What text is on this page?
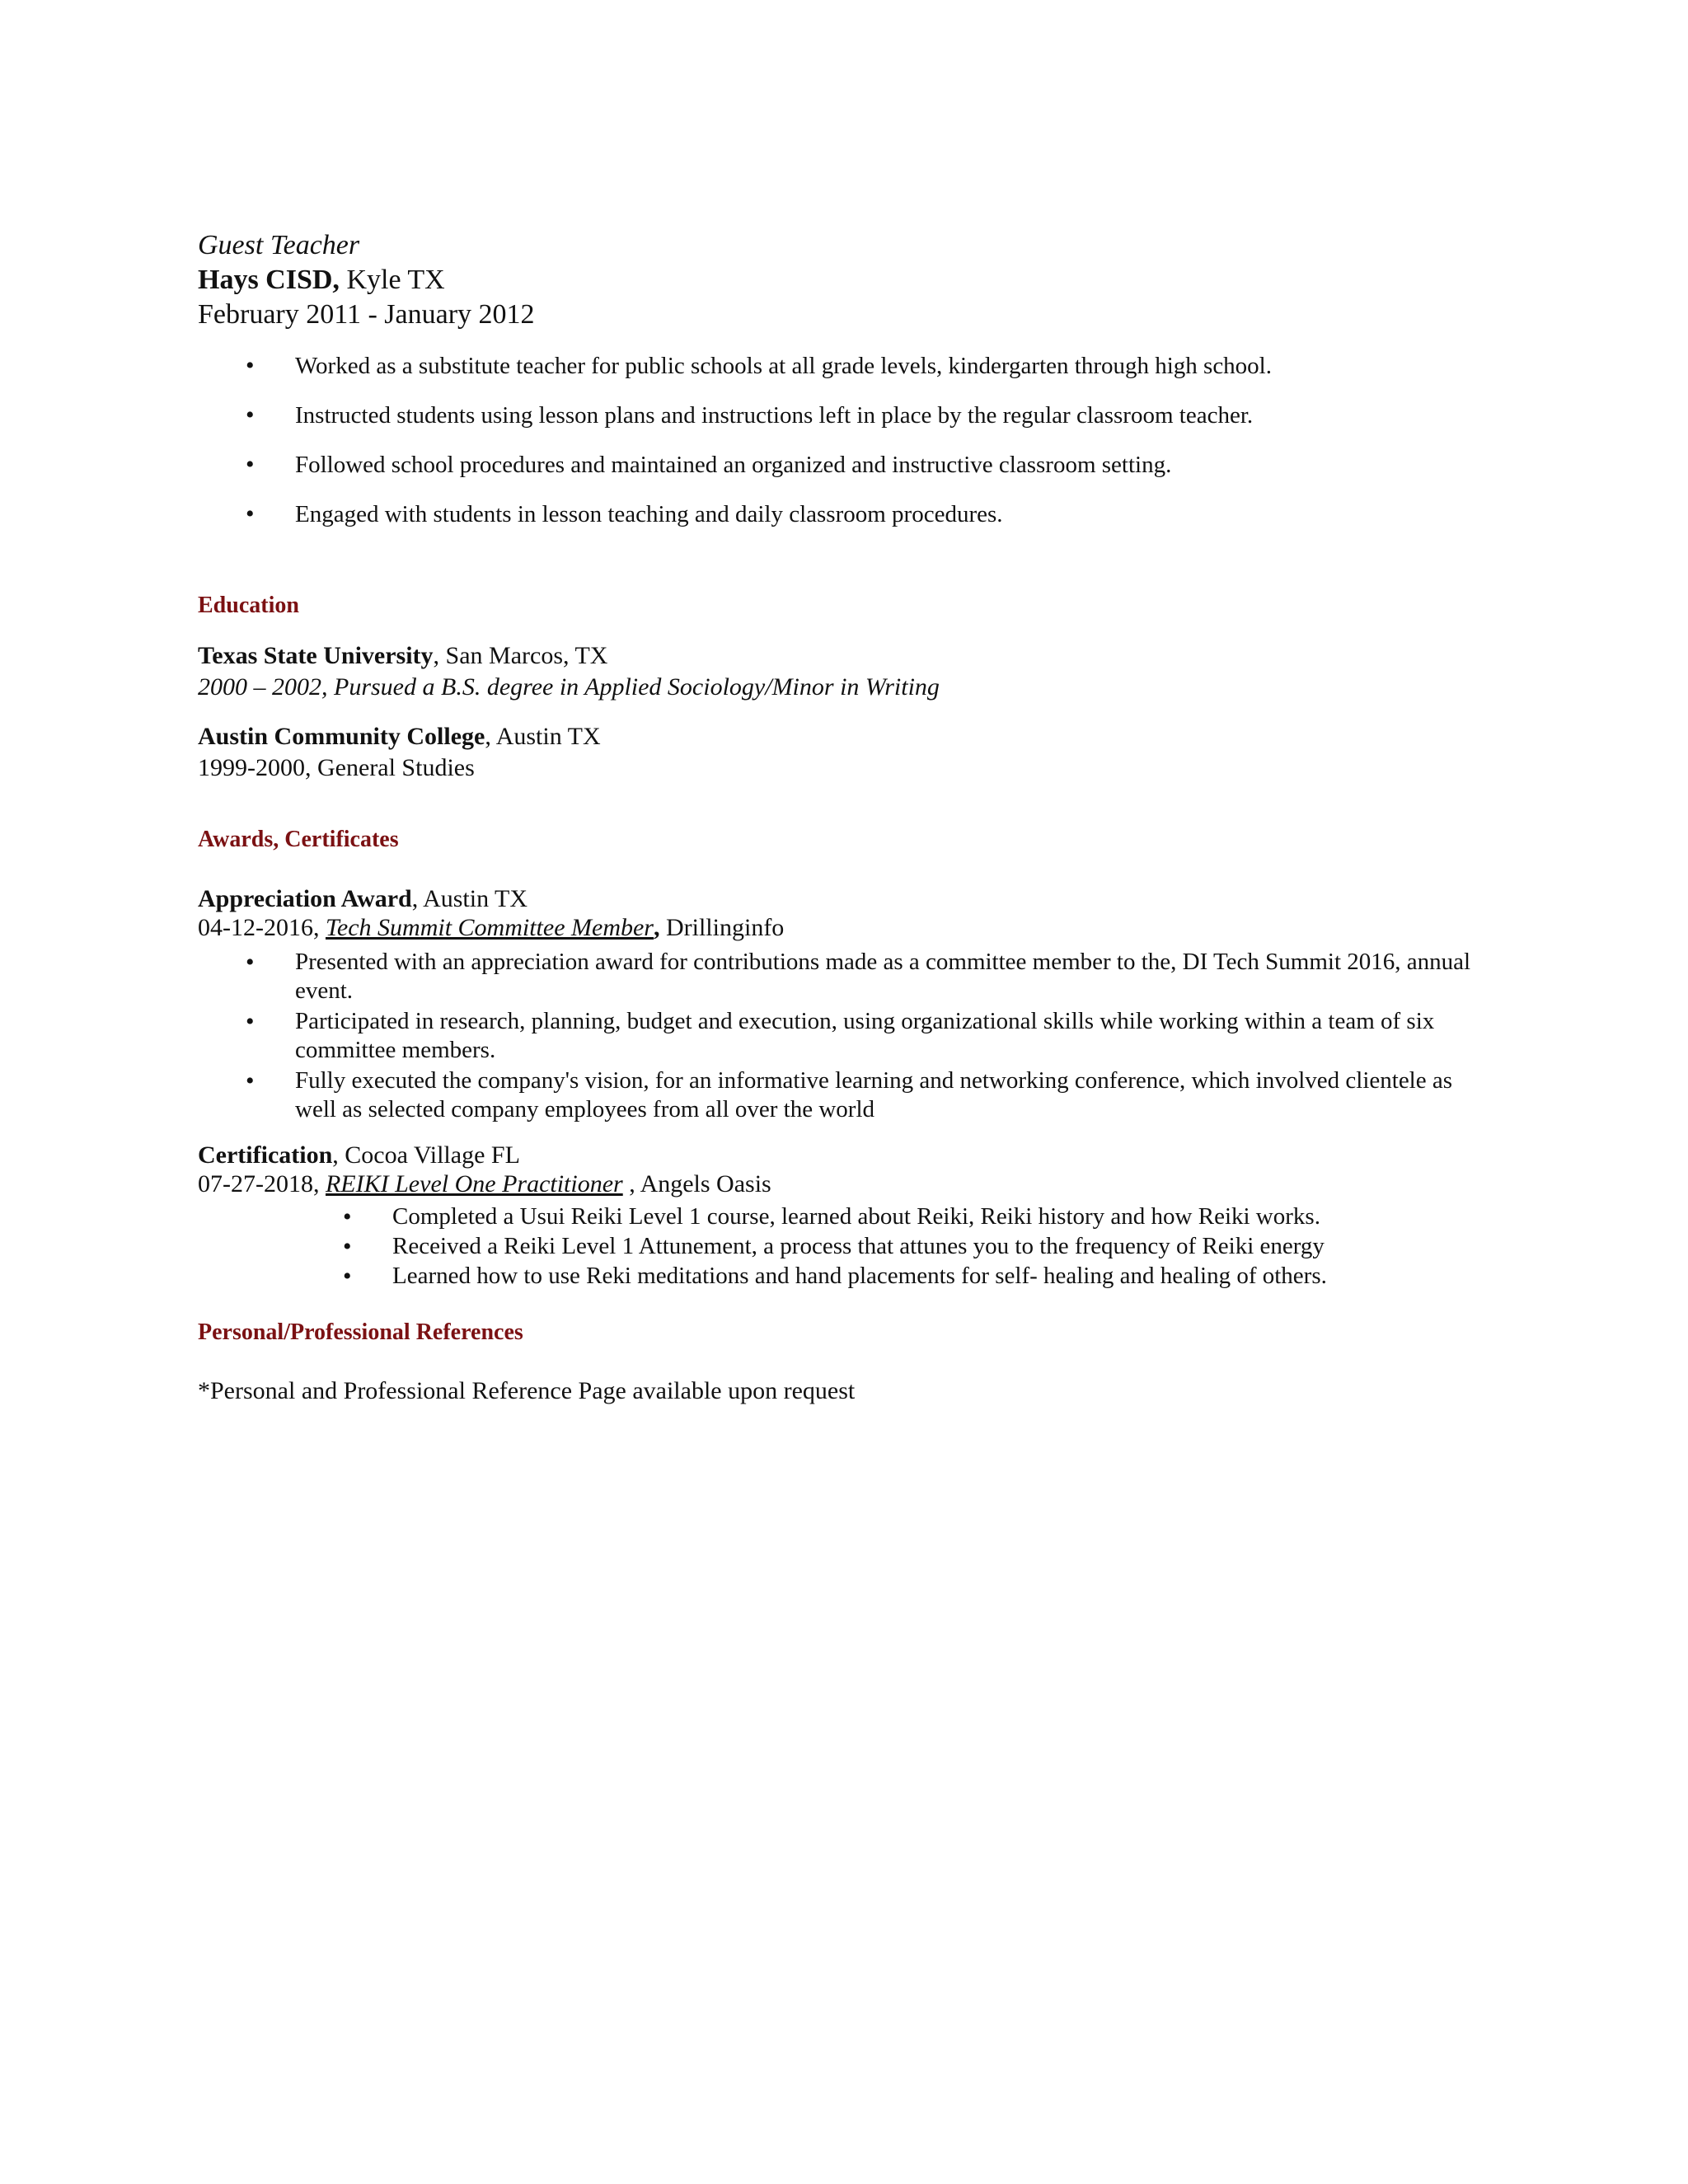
Guest Teacher
Hays CISD, Kyle TX
February 2011 - January 2012
• Worked as a substitute teacher for public schools at all grade levels, kindergarten through high school.
• Instructed students using lesson plans and instructions left in place by the regular classroom teacher.
• Followed school procedures and maintained an organized and instructive classroom setting.
• Engaged with students in lesson teaching and daily classroom procedures.
Education
Texas State University, San Marcos, TX
2000 – 2002, Pursued a B.S. degree in Applied Sociology/Minor in Writing
Austin Community College, Austin TX
1999-2000, General Studies
Awards, Certificates
Appreciation Award, Austin TX
04-12-2016, Tech Summit Committee Member, Drillinginfo
• Presented with an appreciation award for contributions made as a committee member to the, DI Tech Summit 2016, annual event.
• Participated in research, planning, budget and execution, using organizational skills while working within a team of six committee members.
• Fully executed the company's vision, for an informative learning and networking conference, which involved clientele as well as selected company employees from all over the world
Certification, Cocoa Village FL
07-27-2018, REIKI Level One Practitioner , Angels Oasis
• Completed a Usui Reiki Level 1 course, learned about Reiki, Reiki history and how Reiki works.
• Received a Reiki Level 1 Attunement, a process that attunes you to the frequency of Reiki energy
• Learned how to use Reki meditations and hand placements for self- healing and healing of others.
Personal/Professional References
*Personal and Professional Reference Page available upon request
